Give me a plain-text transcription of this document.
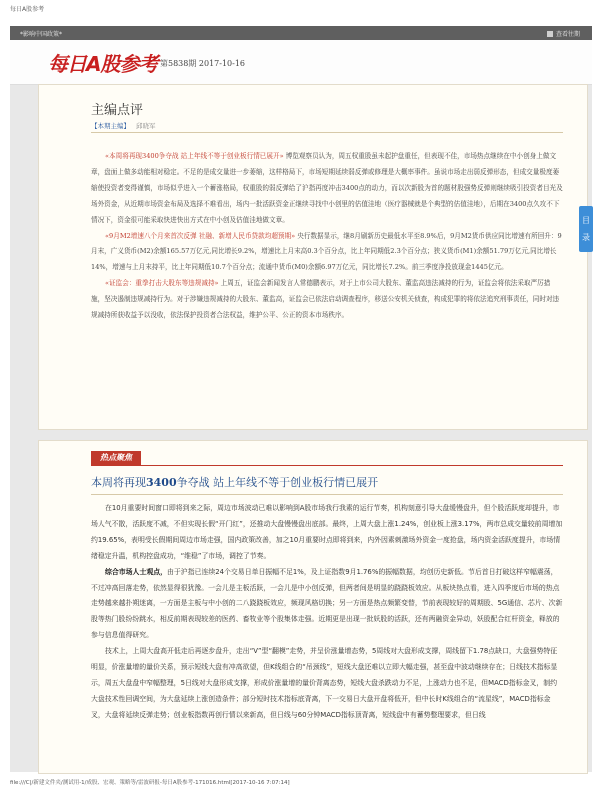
每日A股参考
*影响中国政策*	查看往期
每日A股参考 第5838期 2017-10-16
主编点评
【本期主编】 邱晓军

«本周将再现3400争夺战 站上年线不等于创业板行情已展开» 博览观察员认为，周五权重股虽未起护盘重任，但表现不佳，市场热点继续在中小创身上做文章，盘面上做多动能相对稳定。不足的是成交量进一步萎缩，这样格局下，市场短期延续弱反弹或修理是大概率事件。虽说市场走出弱反弹形态，但成交量极度萎缩使投资者变得谨慎，市场似乎进入一个蓄涨格局，权重股的弱反弹给了沪指再度冲击3400点的动力，而以次新股为首的题材股强势反弹则继续吸引投资者目光及场外资金，从近期市场资金布局及选择不难看出，场内一批活跃资金正继续寻找中小创里的估值洼地（医疗器械就是个典型的估值洼地），后期在3400点久攻不下情况下，资金很可能采取快进快出方式在中小创及估值洼地做文章。

«9月M2增速八个月来首次反弹 社融、新增人民币贷款均超预期» 央行数据显示，继8月刷新历史最低水平至8.9%后，9月M2货币供应同比增速有所回升：9月末，广义货币(M2)余额165.57万亿元,同比增长9.2%，增速比上月末高0.3个百分点，比上年同期低2.3个百分点；狭义货币(M1)余额51.79万亿元,同比增长14%，增速与上月末持平，比上年同期低10.7个百分点；流通中货币(M0)余额6.97万亿元，同比增长7.2%。前三季度净投放现金1445亿元。

«证监会：重拳打击大股东等违规减持» 上周五，证监会新闻发言人常德鹏表示，对于上市公司大股东、董监高违法减持的行为，证监会将依法采取严厉措施，坚决遏制违规减持行为。对于涉嫌违规减持的大股东、董监高，证监会已依法启动调查程序，移送公安机关侦查，构成犯罪的将依法追究刑事责任，同时对违规减持所获收益予以没收，依法保护投资者合法权益，维护公平、公正的资本市场秩序。

目
录
热点聚焦
本周将再现3400争夺战 站上年线不等于创业板行情已展开

在10月重要时间窗口即将到来之际，周边市场波动已难以影响到A股市场我行我素的运行节奏，机构刻意引导大盘缓慢盘升，但个股活跃度却提升，市场人气不散，活跃度不减，不但实现长假“开门红”，还推动大盘慢慢盘出底部。最终，上周大盘上涨1.24%，创业板上涨3.17%，两市总成交量较前周增加约19.65%，表明受长假期间周边市场走强，国内政策改善，加之10月重要时点即将到来，内外因素刺激场外资金一度抢盘，场内资金活跃度提升，市场情绪稳定升温，机构控盘成功，“维稳”了市场，调控了节奏。

综合市场人士观点，由于沪指已连续24个交易日单日振幅不足1%，及上证指数9月1.76%的振幅数据，均创历史新低。节后首日打破这样窄幅震荡，不过冲高回落走势，依然显得很犹豫。一会儿是主板活跃，一会儿是中小创反弹，但两者间是明显的跷跷板效应。从板块热点看，进入四季度后市场的热点走势越来越扑朔迷离，一方面是主板与中小创的二八跷跷板效应，频现风格切换；另一方面是热点频繁变替，节前表现较好的周期股、5G通信、芯片、次新股等热门股纷纷跳水，相反前期表现较差的医药、畜牧业等个股集体走强。近期更是出现一批妖股的活跃，还有两融资金异动，妖股配合红杆资金，释放的参与信息值得研究。

技术上，上周大盘高开低走后再逐步盘升，走出“V”型“翻模”走势，并呈价涨量增态势，5周线对大盘形成支撑，周线留下1.78点缺口，大盘强势特征明显，价涨量增的量价关系，预示短线大盘有冲高欲望，但K线组合的“吊颈线”，短线大盘还难以立即大幅走强，甚至盘中波动继续存在；日线技术指标显示，周五大盘盘中窄幅整理，5日线对大盘形成支撑，形成价涨量增的量价背离态势，短线大盘杀跌动力不足，上涨动力也不足，但MACD指标金叉，制约大盘技术性回调空间，为大盘延续上涨创造条件；部分短时技术指标底背离，下一交易日大盘开盘将低开，但中长时K线组合的“流星线”，MACD指标金叉，大盘将延续反弹走势；创业板指数再创行情以来新高，但日线与60分钟MACD指标顶背离，短线盘中有蓄势整理要求，但日线

file:///C|/新建文件夹/测试用-1/成股、宏观、策略等/雷波研报-每日A股参考-171016.html[2017-10-16 7:07:14]
